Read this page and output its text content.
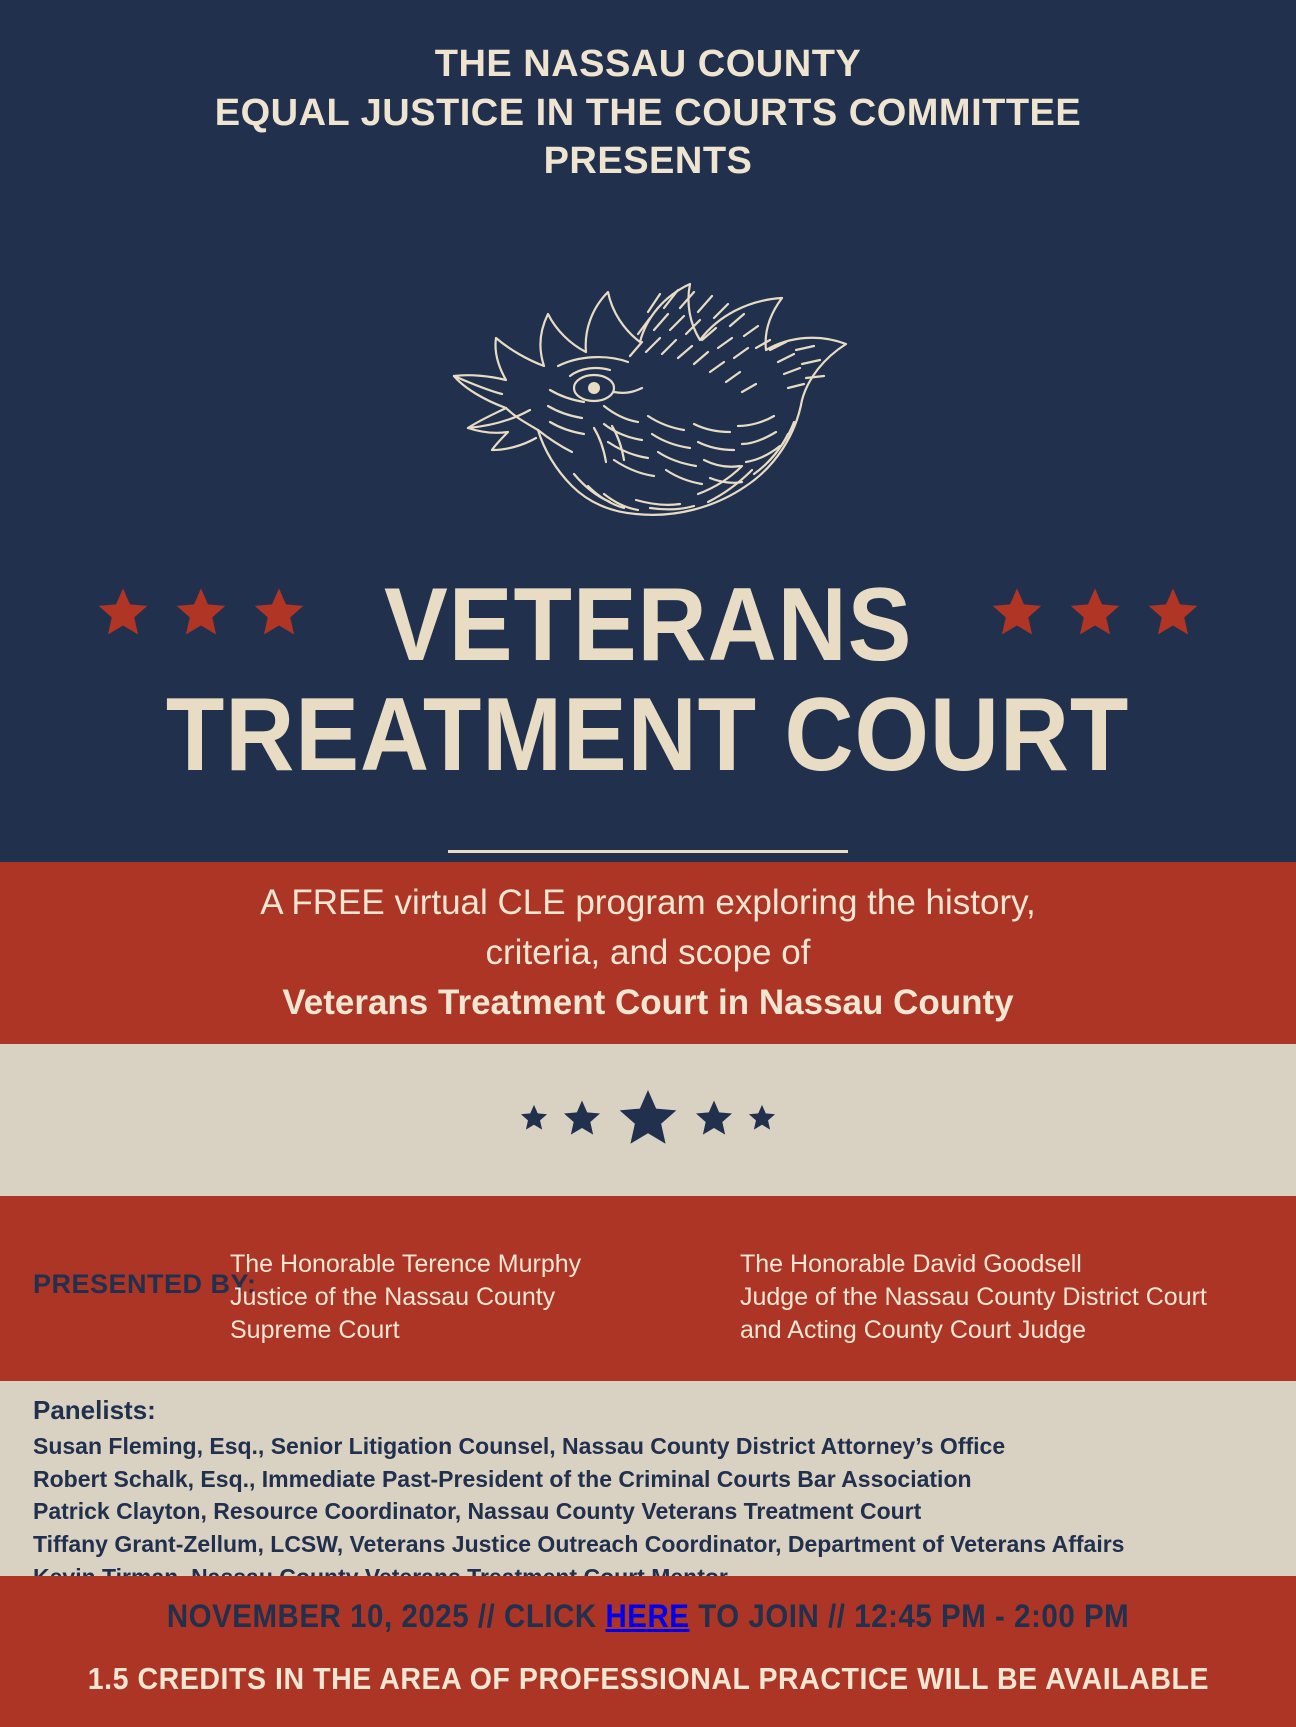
THE NASSAU COUNTY
EQUAL JUSTICE IN THE COURTS COMMITTEE
PRESENTS
VETERANS TREATMENT COURT
A FREE virtual CLE program exploring the history,
criteria, and scope of
Veterans Treatment Court in Nassau County
PRESENTED BY:
The Honorable Terence Murphy
Justice of the Nassau County Supreme Court
The Honorable David Goodsell
Judge of the Nassau County District Court and Acting County Court Judge
Panelists:
Susan Fleming, Esq., Senior Litigation Counsel, Nassau County District Attorney’s Office
Robert Schalk, Esq., Immediate Past-President of the Criminal Courts Bar Association
Patrick Clayton, Resource Coordinator, Nassau County Veterans Treatment Court
Tiffany Grant-Zellum, LCSW, Veterans Justice Outreach Coordinator, Department of Veterans Affairs
NOVEMBER 10, 2025 // CLICK HERE TO JOIN // 12:45 PM - 2:00 PM
1.5 CREDITS IN THE AREA OF PROFESSIONAL PRACTICE WILL BE AVAILABLE
